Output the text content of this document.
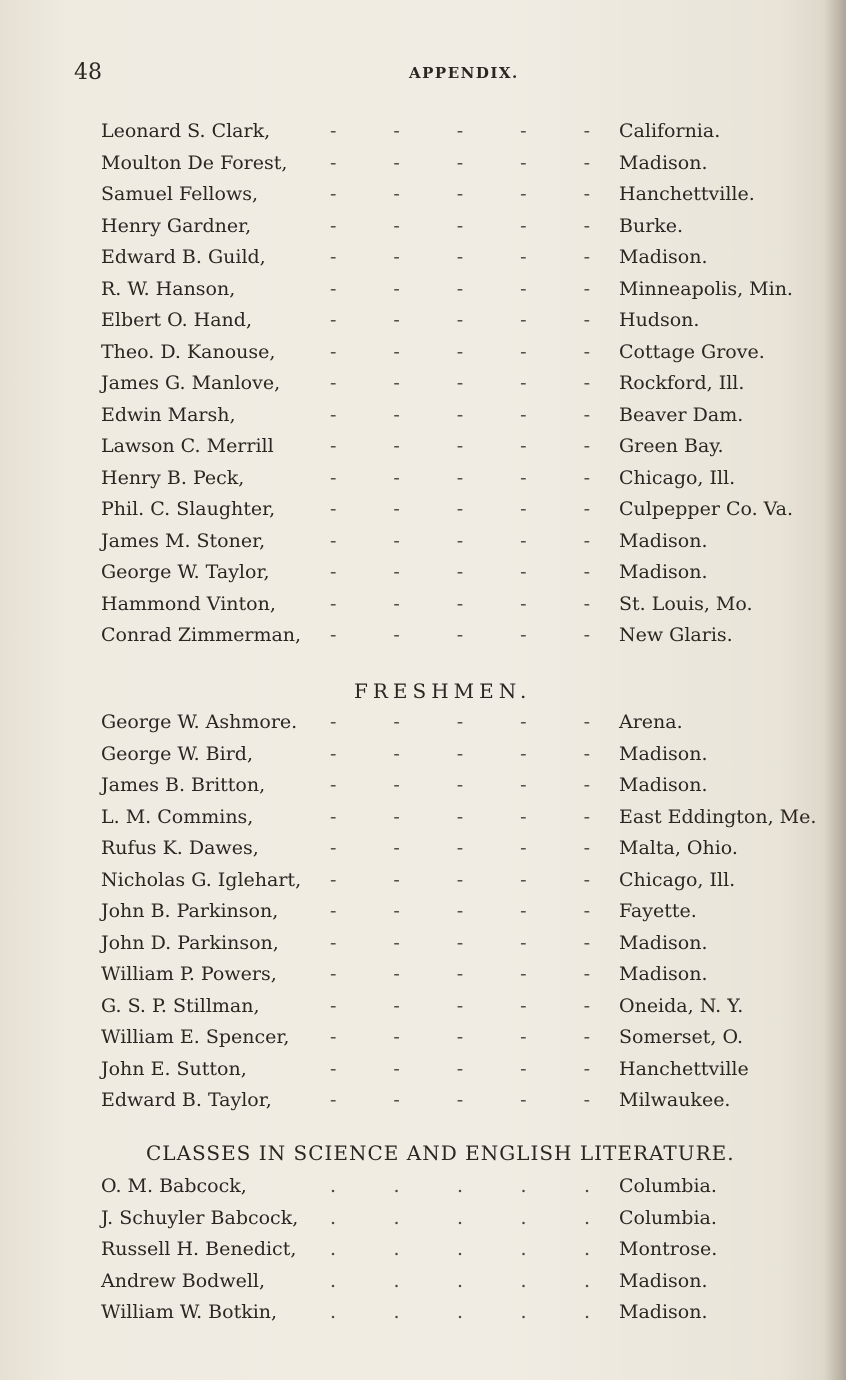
48	APPENDIX.
Leonard S. Clark,	-	-	-	-	- California.
Moulton De Forest, -	-	-	-	- Madison.
Samuel Fellows,	-	-	-	-	- Hanchettville.
Henry Gardner,	-	-	-	-	- Burke.
Edward B. Guild,	-	-	-	-	- Madison.
R. W. Hanson,	-	-	-	-	- Minneapolis, Min.
Elbert O. Hand,	-	-	-	-	- Hudson.
Theo. D. Kanouse,	-	-	-	-	- Cottage Grove.
James G. Manlove,	-	-	-	-	- Rockford, Ill.
Edwin Marsh,	-	-	-	-	- Beaver Dam.
Lawson C. Merrill	-	-	-	-	- Green Bay.
Henry B. Peck,	-	-	-	-	- Chicago, Ill.
Phil. C. Slaughter,	-	-	-	-	- Culpepper Co. Va.
James M. Stoner,	-	-	-	-	- Madison.
George W. Taylor,	-	-	-	-	- Madison.
Hammond Vinton,	-	-	-	-	- St. Louis, Mo.
Conrad Zimmerman, -	-	-	-	- New Glaris.
FRESHMEN.
George W. Ashmore. -	-	-	-	- Arena.
George W. Bird,	-	-	-	-	- Madison.
James B. Britton,	-	-	-	-	- Madison.
L. M. Commins,	-	-	-	-	- East Eddington, Me.
Rufus K. Dawes,	-	-	-	-	- Malta, Ohio.
Nicholas G. Iglehart, -	-	-	-	- Chicago, Ill.
John B. Parkinson,	-	-	-	-	- Fayette.
John D. Parkinson,	-	-	-	-	- Madison.
William P. Powers,	-	-	-	-	- Madison.
G. S. P. Stillman,	-	-	-	-	- Oneida, N. Y.
William E. Spencer, -	-	-	-	- Somerset, O.
John E. Sutton,	-	-	-	-	- Hanchettville
Edward B. Taylor,	-	-	-	-	- Milwaukee.
CLASSES IN SCIENCE AND ENGLISH LITERATURE.
O. M. Babcock,	.	.	.	.	. Columbia.
J. Schuyler Babcock, .	.	.	.	. Columbia.
Russell H. Benedict, .	.	.	.	. Montrose.
Andrew Bodwell,	.	.	.	.	. Madison.
William W. Botkin,	.	.	.	.	. Madison.
